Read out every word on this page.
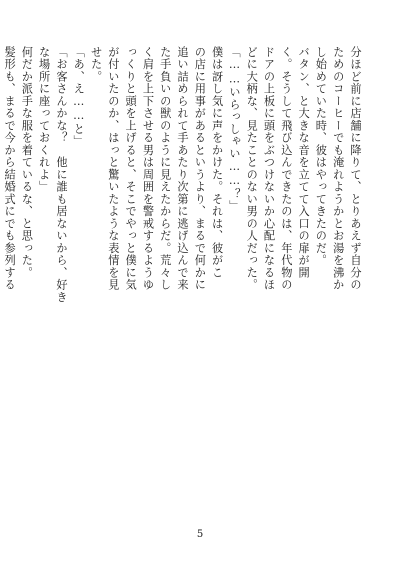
分ほど前に店舗に降りて、とりあえず自分の

ためのコーヒーでも淹れようかとお湯を沸か

し始めていた時、彼はやってきたのだ。

バタン、と大きな音を立てて入口の扉が開

く。そうして飛び込んできたのは、年代物の

ドアの上板に頭をぶつけないか心配になるほ

どに大柄な、見たことのない男の人だった。

「……いらっしゃい……？」

僕は訝し気に声をかけた。それは、彼がこ

の店に用事があるというより、まるで何かに

追い詰められて手あたり次第に逃げ込んで来

た手負いの獣のように見えたからだ。荒々し

く肩を上下させる男は周囲を警戒するようゆ

っくりと頭を上げると、そこでやっと僕に気

が付いたのか、はっと驚いたような表情を見

せた。

「あ、え……と」

「お客さんかな？　他に誰も居ないから、好き

な場所に座っておくれよ」

何だか派手な服を着ているな、と思った。

髪形も、まるで今から結婚式にでも参列する

5
